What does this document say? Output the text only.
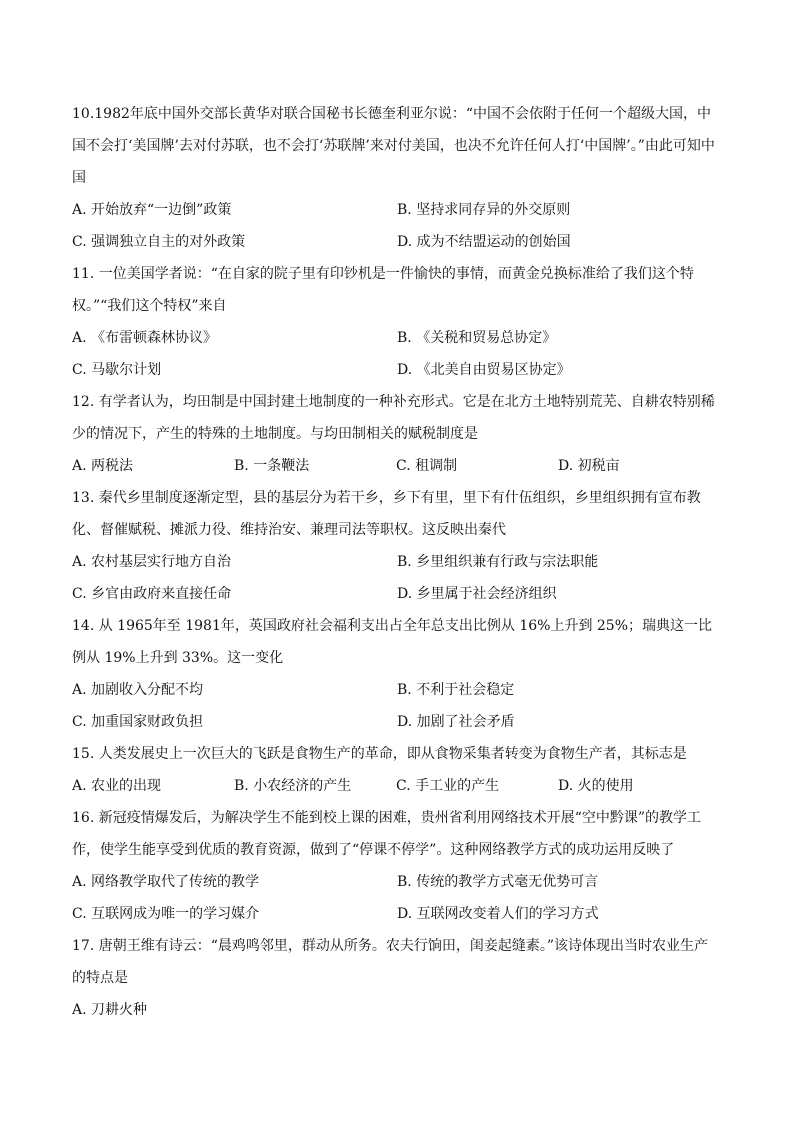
10.1982年底中国外交部长黄华对联合国秘书长德奎利亚尔说：“中国不会依附于任何一个超级大国，中国不会打‘美国牌’去对付苏联，也不会打‘苏联牌’来对付美国，也决不允许任何人打‘中国牌’。”由此可知中国
A. 开始放弃“一边倒”政策	B. 坚持求同存异的外交原则
C. 强调独立自主的对外政策	D. 成为不结盟运动的创始国
11. 一位美国学者说：“在自家的院子里有印钞机是一件愉快的事情，而黄金兑换标准给了我们这个特权。”“我们这个特权”来自
A. 《布雷顿森林协议》	B. 《关税和贸易总协定》
C. 马歇尔计划	D. 《北美自由贸易区协定》
12. 有学者认为，均田制是中国封建土地制度的一种补充形式。它是在北方土地特别荒芜、自耕农特别稀少的情况下，产生的特殊的土地制度。与均田制相关的赋税制度是
A. 两税法	B. 一条鞭法	C. 租调制	D. 初税亩
13. 秦代乡里制度逐渐定型，县的基层分为若干乡，乡下有里，里下有什伍组织，乡里组织拥有宣布教化、督催赋税、摊派力役、维持治安、兼理司法等职权。这反映出秦代
A. 农村基层实行地方自治	B. 乡里组织兼有行政与宗法职能
C. 乡官由政府来直接任命	D. 乡里属于社会经济组织
14. 从 1965年至 1981年，英国政府社会福利支出占全年总支出比例从 16%上升到 25%；瑞典这一比例从 19%上升到 33%。这一变化
A. 加剧收入分配不均	B. 不利于社会稳定
C. 加重国家财政负担	D. 加剧了社会矛盾
15. 人类发展史上一次巨大的飞跃是食物生产的革命，即从食物采集者转变为食物生产者，其标志是
A. 农业的出现	B. 小农经济的产生	C. 手工业的产生	D. 火的使用
16. 新冠疫情爆发后，为解决学生不能到校上课的困难，贵州省利用网络技术开展“空中黔课”的教学工作，使学生能享受到优质的教育资源，做到了“停课不停学”。这种网络教学方式的成功运用反映了
A. 网络教学取代了传统的教学	B. 传统的教学方式毫无优势可言
C. 互联网成为唯一的学习媒介	D. 互联网改变着人们的学习方式
17. 唐朝王维有诗云：“晨鸡鸣邻里，群动从所务。农夫行饷田，闺妾起缝素。”该诗体现出当时农业生产的特点是
A. 刀耕火种
